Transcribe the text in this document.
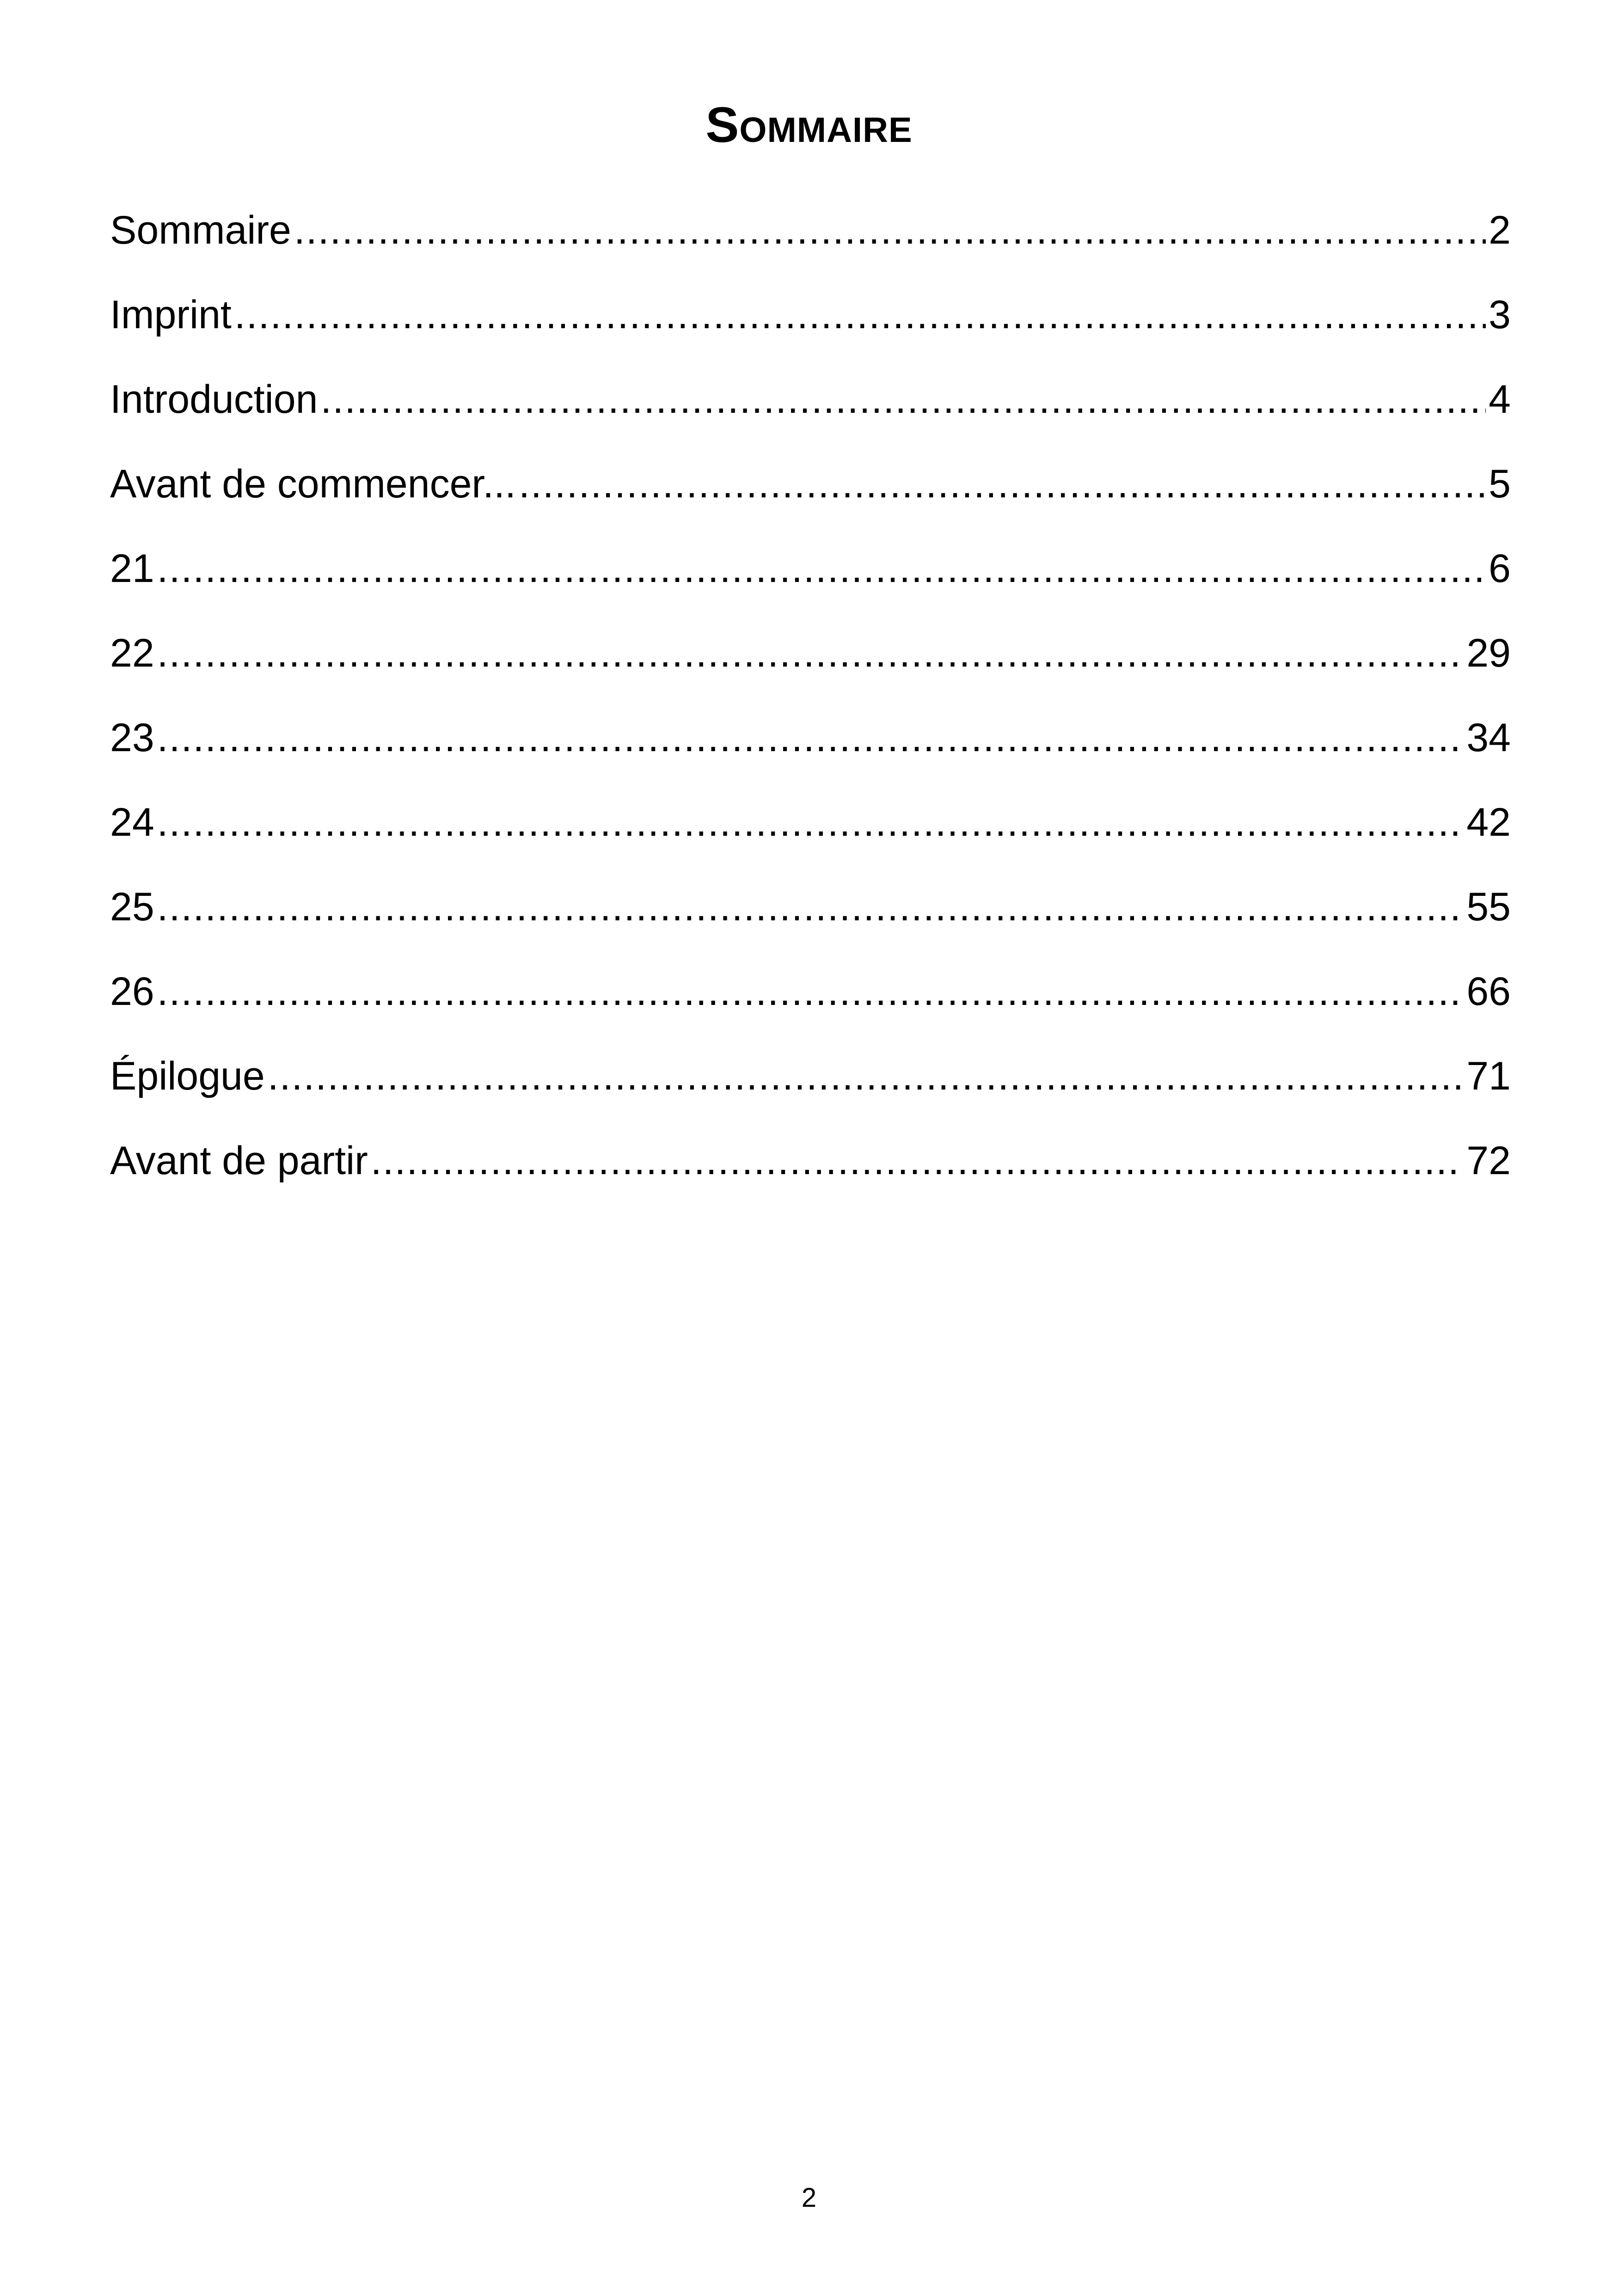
Sommaire
Sommaire .....	2
Imprint .....	3
Introduction .....	4
Avant de commencer... .....	5
21 .....	6
22 .....	29
23 .....	34
24 .....	42
25 .....	55
26 .....	66
Épilogue .....	71
Avant de partir .....	72
2
